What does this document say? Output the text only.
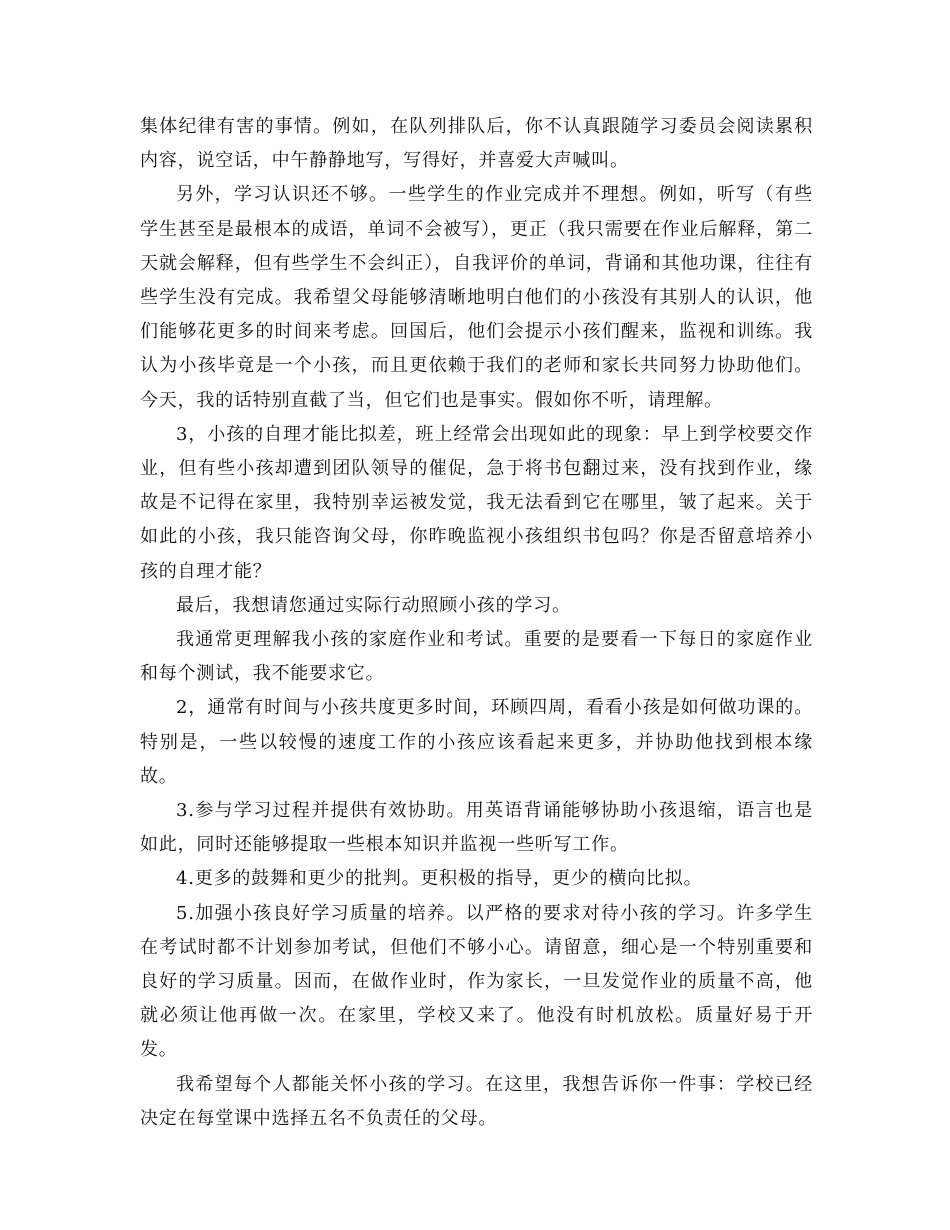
集体纪律有害的事情。例如，在队列排队后，你不认真跟随学习委员会阅读累积内容，说空话，中午静静地写，写得好，并喜爱大声喊叫。

另外，学习认识还不够。一些学生的作业完成并不理想。例如，听写（有些学生甚至是最根本的成语，单词不会被写），更正（我只需要在作业后解释，第二天就会解释，但有些学生不会纠正），自我评价的单词，背诵和其他功课，往往有些学生没有完成。我希望父母能够清晰地明白他们的小孩没有其别人的认识，他们能够花更多的时间来考虑。回国后，他们会提示小孩们醒来，监视和训练。我认为小孩毕竟是一个小孩，而且更依赖于我们的老师和家长共同努力协助他们。今天，我的话特别直截了当，但它们也是事实。假如你不听，请理解。

3，小孩的自理才能比拟差，班上经常会出现如此的现象：早上到学校要交作业，但有些小孩却遭到团队领导的催促，急于将书包翻过来，没有找到作业，缘故是不记得在家里，我特别幸运被发觉，我无法看到它在哪里，皱了起来。关于如此的小孩，我只能咨询父母，你昨晚监视小孩组织书包吗？你是否留意培养小孩的自理才能？

最后，我想请您通过实际行动照顾小孩的学习。

我通常更理解我小孩的家庭作业和考试。重要的是要看一下每日的家庭作业和每个测试，我不能要求它。

2，通常有时间与小孩共度更多时间，环顾四周，看看小孩是如何做功课的。特别是，一些以较慢的速度工作的小孩应该看起来更多，并协助他找到根本缘故。

3.参与学习过程并提供有效协助。用英语背诵能够协助小孩退缩，语言也是如此，同时还能够提取一些根本知识并监视一些听写工作。

4.更多的鼓舞和更少的批判。更积极的指导，更少的横向比拟。

5.加强小孩良好学习质量的培养。以严格的要求对待小孩的学习。许多学生在考试时都不计划参加考试，但他们不够小心。请留意，细心是一个特别重要和良好的学习质量。因而，在做作业时，作为家长，一旦发觉作业的质量不高，他就必须让他再做一次。在家里，学校又来了。他没有时机放松。质量好易于开发。

我希望每个人都能关怀小孩的学习。在这里，我想告诉你一件事：学校已经决定在每堂课中选择五名不负责任的父母。
